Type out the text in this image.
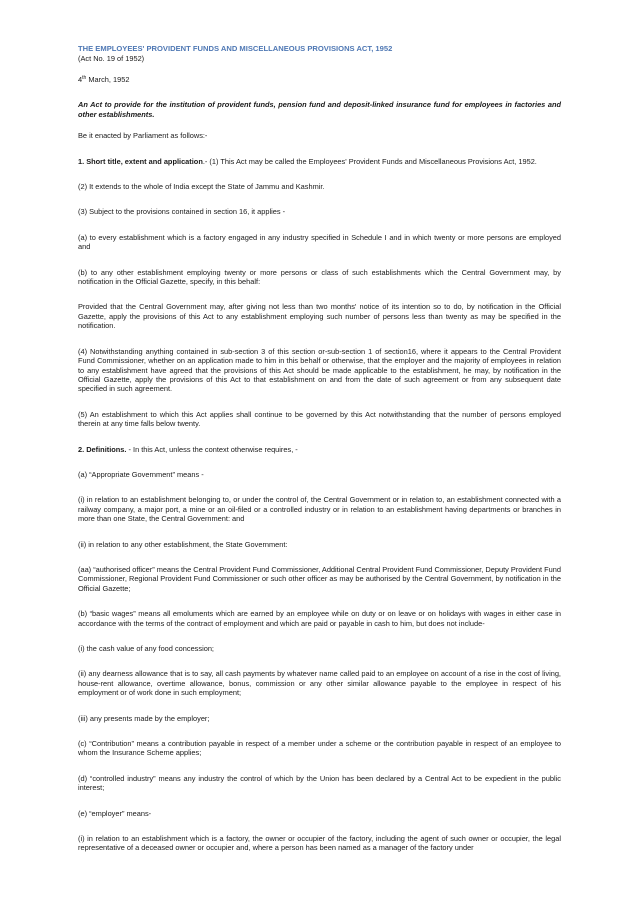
THE EMPLOYEES' PROVIDENT FUNDS AND MISCELLANEOUS PROVISIONS ACT, 1952
(Act No. 19 of 1952)
4th March, 1952
An Act to provide for the institution of provident funds, pension fund and deposit-linked insurance fund for employees in factories and other establishments.

Be it enacted by Parliament as follows:-

1. Short title, extent and application.- (1) This Act may be called the Employees' Provident Funds and Miscellaneous Provisions Act, 1952.

(2) It extends to the whole of India except the State of Jammu and Kashmir.

(3) Subject to the provisions contained in section 16, it applies -

(a) to every establishment which is a factory engaged in any industry specified in Schedule I and in which twenty or more persons are employed and

(b) to any other establishment employing twenty or more persons or class of such establishments which the Central Government may, by notification in the Official Gazette, specify, in this behalf:

Provided that the Central Government may, after giving not less than two months' notice of its intention so to do, by notification in the Official Gazette, apply the provisions of this Act to any establishment employing such number of persons less than twenty as may be specified in the notification.

(4) Notwithstanding anything contained in sub-section 3 of this section or-sub-section 1 of section16, where it appears to the Central Provident Fund Commissioner, whether on an application made to him in this behalf or otherwise, that the employer and the majority of employees in relation to any establishment have agreed that the provisions of this Act should be made applicable to the establishment, he may, by notification in the Official Gazette, apply the provisions of this Act to that establishment on and from the date of such agreement or from any subsequent date specified in such agreement.

(5) An establishment to which this Act applies shall continue to be governed by this Act notwithstanding that the number of persons employed therein at any time falls below twenty.

2. Definitions. - In this Act, unless the context otherwise requires, -

(a) “Appropriate Government” means -

(i) in relation to an establishment belonging to, or under the control of, the Central Government or in relation to, an establishment connected with a railway company, a major port, a mine or an oil-filed or a controlled industry or in relation to an establishment having departments or branches in more than one State, the Central Government: and

(ii) in relation to any other establishment, the State Government:

(aa) “authorised officer” means the Central Provident Fund Commissioner, Additional Central Provident Fund Commissioner, Deputy Provident Fund Commissioner, Regional Provident Fund Commissioner or such other officer as may be authorised by the Central Government, by notification in the Official Gazette;

(b) “basic wages” means all emoluments which are earned by an employee while on duty or on leave or on holidays with wages in either case in accordance with the terms of the contract of employment and which are paid or payable in cash to him, but does not include-

(i) the cash value of any food concession;

(ii) any dearness allowance that is to say, all cash payments by whatever name called paid to an employee on account of a rise in the cost of living, house-rent allowance, overtime allowance, bonus, commission or any other similar allowance payable to the employee in respect of his employment or of work done in such employment;

(iii) any presents made by the employer;

(c) “Contribution” means a contribution payable in respect of a member under a scheme or the contribution payable in respect of an employee to whom the Insurance Scheme applies;

(d) “controlled industry” means any industry the control of which by the Union has been declared by a Central Act to be expedient in the public interest;

(e) “employer” means-

(i) in relation to an establishment which is a factory, the owner or occupier of the factory, including the agent of such owner or occupier, the legal representative of a deceased owner or occupier and, where a person has been named as a manager of the factory under
